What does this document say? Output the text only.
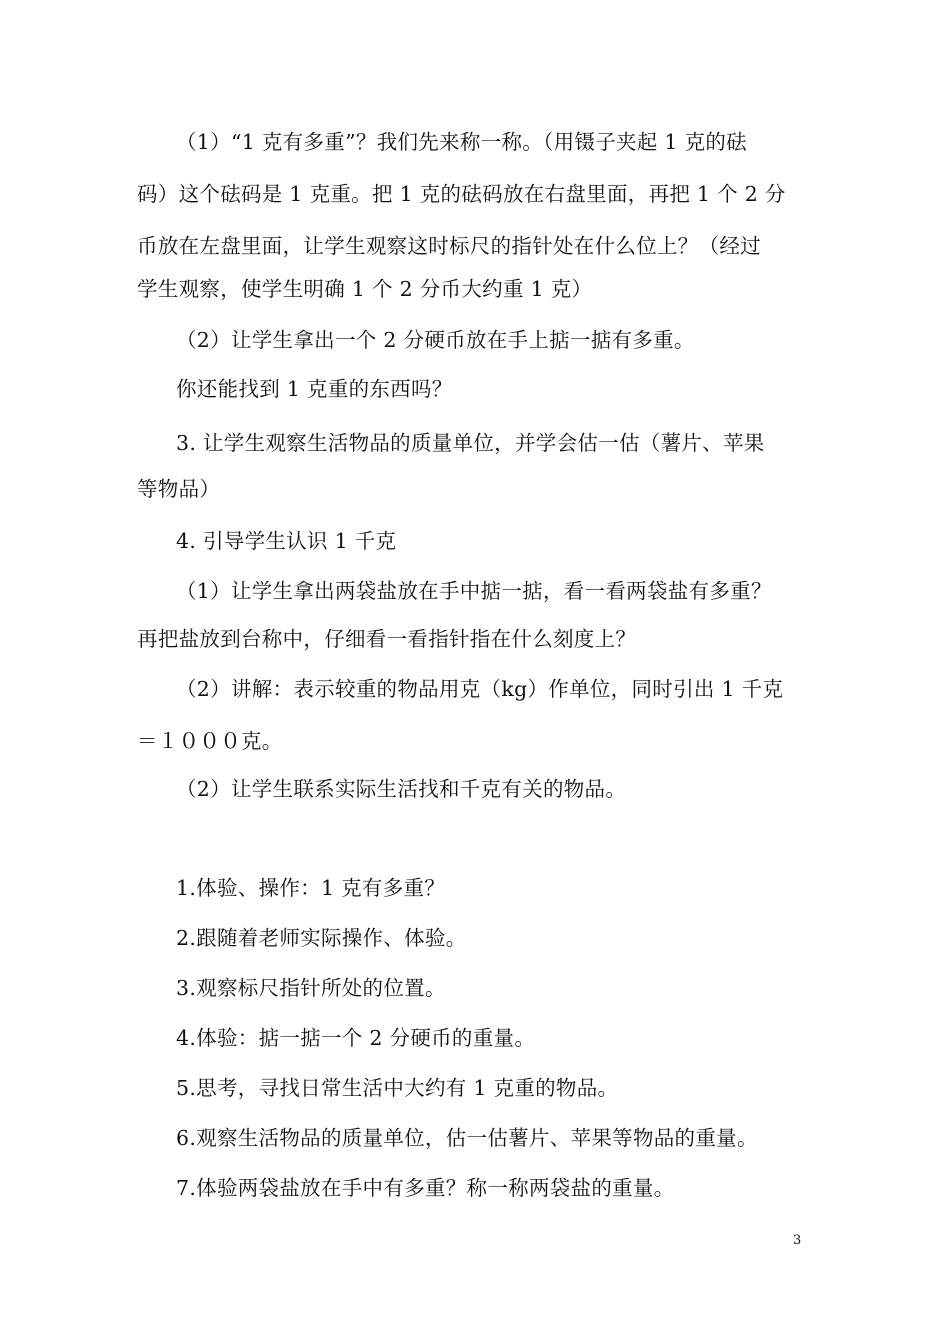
（1）“1 克有多重”？我们先来称一称。（用镊子夹起 1 克的砝
码）这个砝码是 1 克重。把 1 克的砝码放在右盘里面，再把 1 个 2 分
币放在左盘里面，让学生观察这时标尺的指针处在什么位上？（经过
学生观察，使学生明确 1 个 2 分币大约重 1 克）
（2）让学生拿出一个 2 分硬币放在手上掂一掂有多重。
你还能找到 1 克重的东西吗？
3. 让学生观察生活物品的质量单位，并学会估一估（薯片、苹果
等物品）
4. 引导学生认识 1 千克
（1）让学生拿出两袋盐放在手中掂一掂，看一看两袋盐有多重？
再把盐放到台称中，仔细看一看指针指在什么刻度上？
（2）讲解：表示较重的物品用克（kg）作单位，同时引出 1 千克
＝１０００克。
（2）让学生联系实际生活找和千克有关的物品。
1.体验、操作：1 克有多重？
2.跟随着老师实际操作、体验。
3.观察标尺指针所处的位置。
4.体验：掂一掂一个 2 分硬币的重量。
5.思考，寻找日常生活中大约有 1 克重的物品。
6.观察生活物品的质量单位，估一估薯片、苹果等物品的重量。
7.体验两袋盐放在手中有多重？称一称两袋盐的重量。
3
